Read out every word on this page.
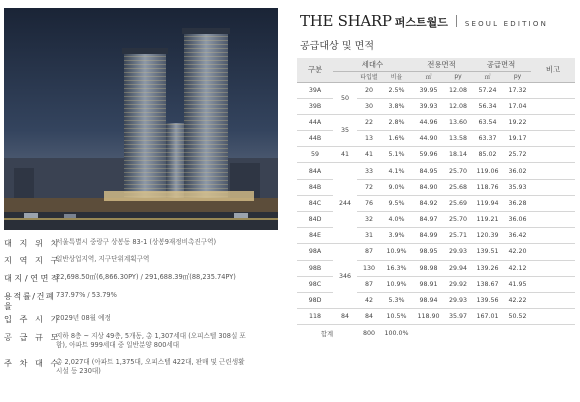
대 지 위 치
서울특별시 중랑구 상봉동 83-1 (상봉9재정비촉진구역)
지 역 지 구
일반상업지역, 지구단위계획구역
대지/연면적
22,698.50㎡(6,866.30PY) / 291,688.39㎡(88,235.74PY)
용적률/건폐율
737.97% / 53.79%
입 주 시 기
2029년 08월 예정
공 급 규 모
지하 8층 ~ 지상 49층, 5개동, 총 1,307세대 (오피스텔 308실 포함), 아파트 999세대 중 일반분양 800세대
주 차 대 수
총 2,027대 (아파트 1,375대, 오피스텔 422대, 판매 및 근린생활시설 등 230대)
THE SHARP 퍼스트월드 SEOUL EDITION
공급대상 및 면적
구분	세대수			전용면적		공급면적		비고
		타입별	비율	㎡	py	㎡	py	
39A	50	20	2.5%	39.95	12.08	57.24	17.32	
39B		30	3.8%	39.93	12.08	56.34	17.04	
44A	35	22	2.8%	44.96	13.60	63.54	19.22	
44B		13	1.6%	44.90	13.58	63.37	19.17	
59	41	41	5.1%	59.96	18.14	85.02	25.72	
84A	244	33	4.1%	84.95	25.70	119.06	36.02	
84B		72	9.0%	84.90	25.68	118.76	35.93	
84C		76	9.5%	84.92	25.69	119.94	36.28	
84D		32	4.0%	84.97	25.70	119.21	36.06	
84E		31	3.9%	84.99	25.71	120.39	36.42	
98A	346	87	10.9%	98.95	29.93	139.51	42.20	
98B		130	16.3%	98.98	29.94	139.26	42.12	
98C		87	10.9%	98.91	29.92	138.67	41.95	
98D		42	5.3%	98.94	29.93	139.56	42.22	
118	84	84	10.5%	118.90	35.97	167.01	50.52	
합계		800	100.0%					
